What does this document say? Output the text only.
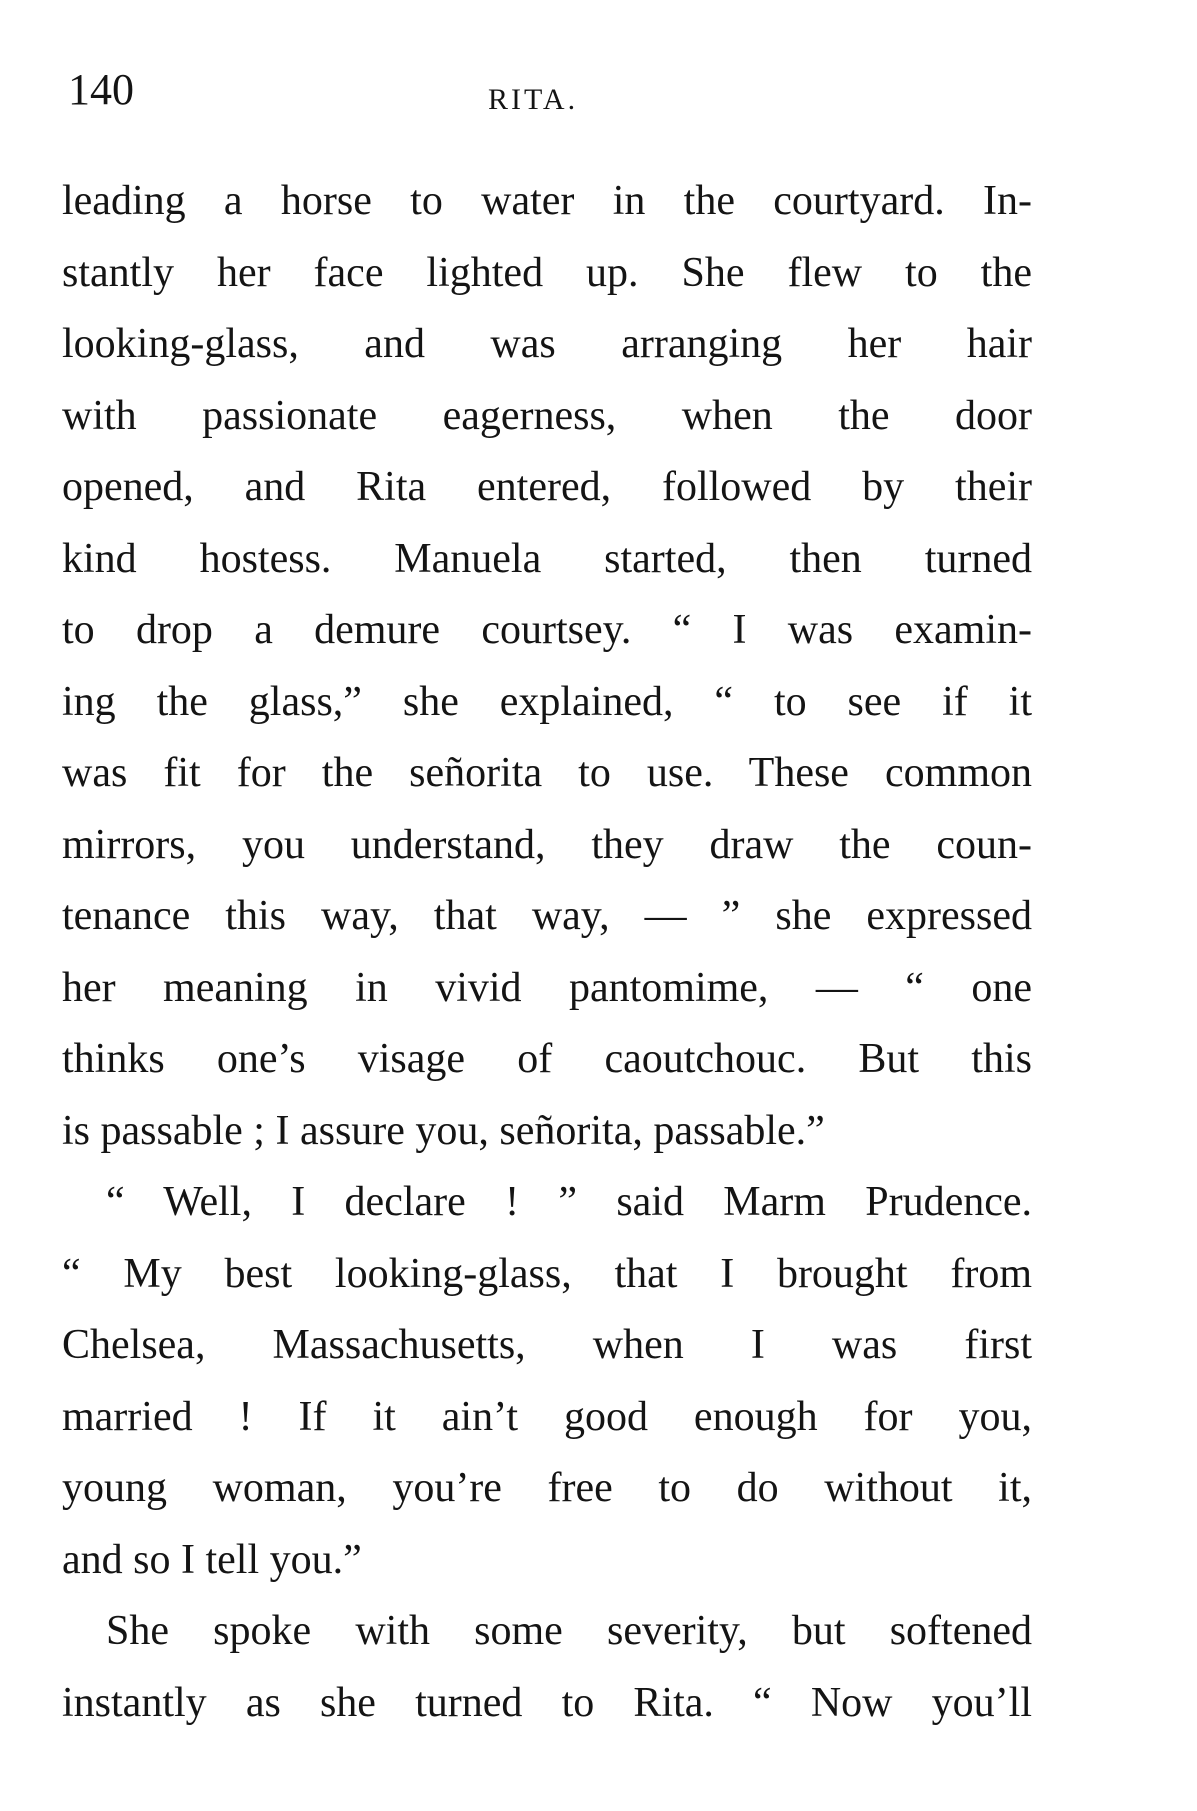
140	RITA.
leading a horse to water in the courtyard. In-
stantly her face lighted up. She flew to the
looking-glass, and was arranging her hair
with passionate eagerness, when the door
opened, and Rita entered, followed by their
kind hostess. Manuela started, then turned
to drop a demure courtsey. “ I was examin-
ing the glass,” she explained, “ to see if it
was fit for the señorita to use. These common
mirrors, you understand, they draw the coun-
tenance this way, that way, — ” she expressed
her meaning in vivid pantomime, — “ one
thinks one’s visage of caoutchouc. But this
is passable ; I assure you, señorita, passable.”
“ Well, I declare ! ” said Marm Prudence.
“ My best looking-glass, that I brought from
Chelsea, Massachusetts, when I was first
married ! If it ain’t good enough for you,
young woman, you’re free to do without it,
and so I tell you.”
She spoke with some severity, but softened
instantly as she turned to Rita. “ Now you’ll
